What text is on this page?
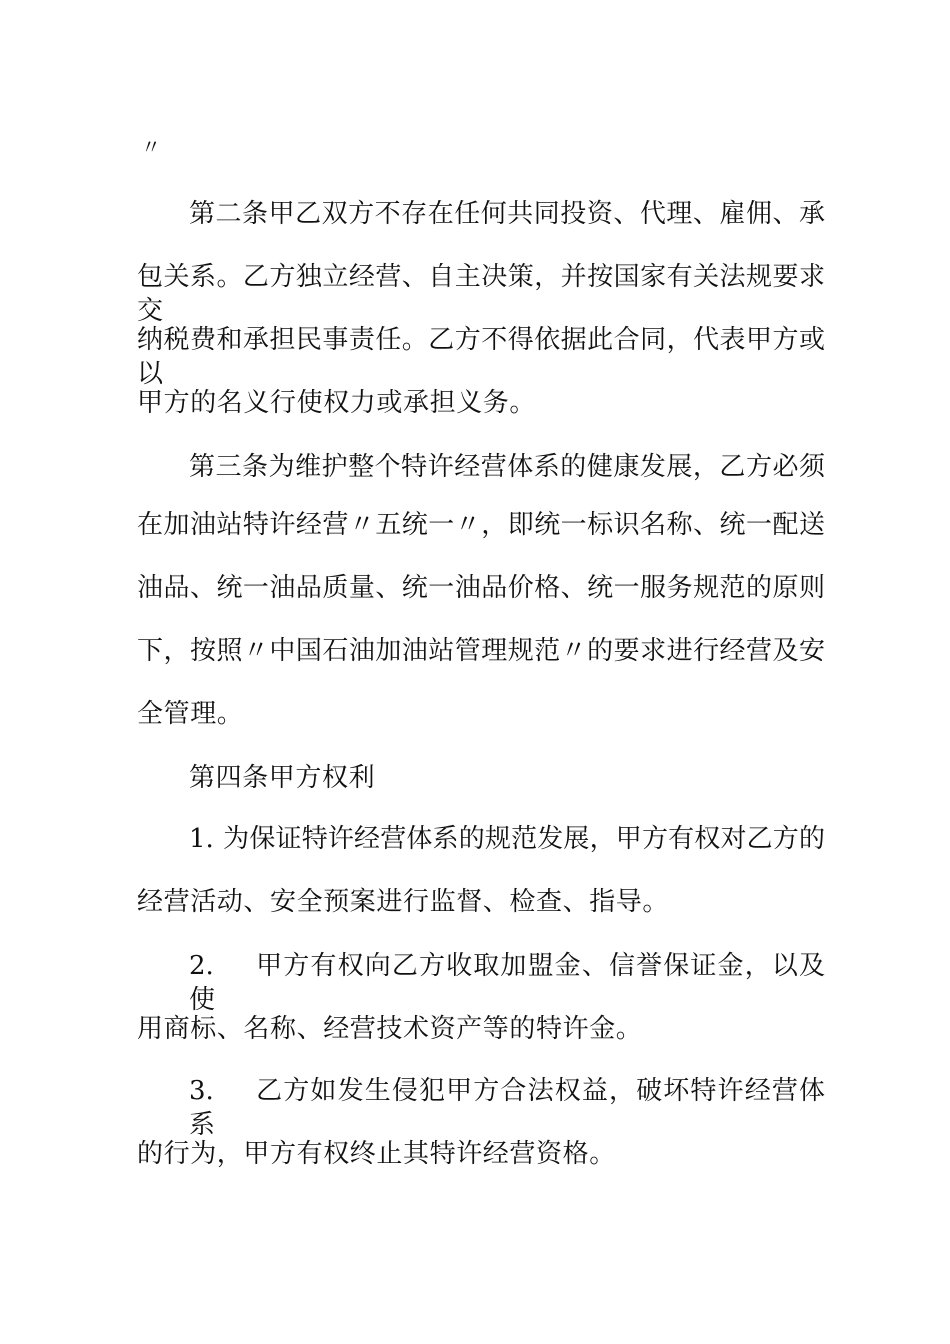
〃
第二条甲乙双方不存在任何共同投资、代理、雇佣、承
包关系。乙方独立经营、自主决策，并按国家有关法规要求交
纳税费和承担民事责任。乙方不得依据此合同，代表甲方或以
甲方的名义行使权力或承担义务。
第三条为维护整个特许经营体系的健康发展，乙方必须
在加油站特许经营〃五统一〃，即统一标识名称、统一配送
油品、统一油品质量、统一油品价格、统一服务规范的原则
下，按照〃中国石油加油站管理规范〃的要求进行经营及安
全管理。
第四条甲方权利
1. 为保证特许经营体系的规范发展，甲方有权对乙方的
经营活动、安全预案进行监督、检查、指导。
2. 甲方有权向乙方收取加盟金、信誉保证金，以及使
用商标、名称、经营技术资产等的特许金。
3. 乙方如发生侵犯甲方合法权益，破坏特许经营体系
的行为，甲方有权终止其特许经营资格。
